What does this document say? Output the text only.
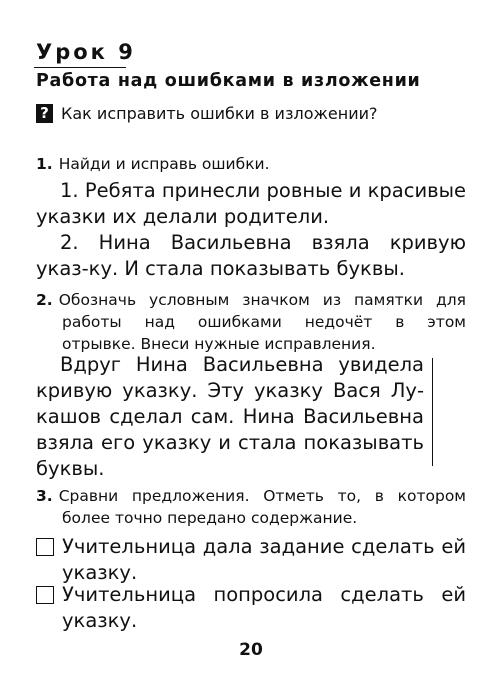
Урок 9
Работа над ошибками в изложении
? Как исправить ошибки в изложении?
1. Найди и исправь ошибки.
1. Ребята принесли ровные и красивые указки их делали родители.
2. Нина Васильевна взяла кривую указ-ку. И стала показывать буквы.
2. Обозначь условным значком из памятки для
работы над ошибками недочёт в этом
отрывке. Внеси нужные исправления.
Вдруг Нина Васильевна увидела кривую указку. Эту указку Вася Лу-кашов сделал сам. Нина Васильевна взяла его указку и стала показывать буквы.
3. Сравни предложения. Отметь то, в котором
более точно передано содержание.
Учительница дала задание сделать ей указку.
Учительница попросила сделать ей указку.
20
